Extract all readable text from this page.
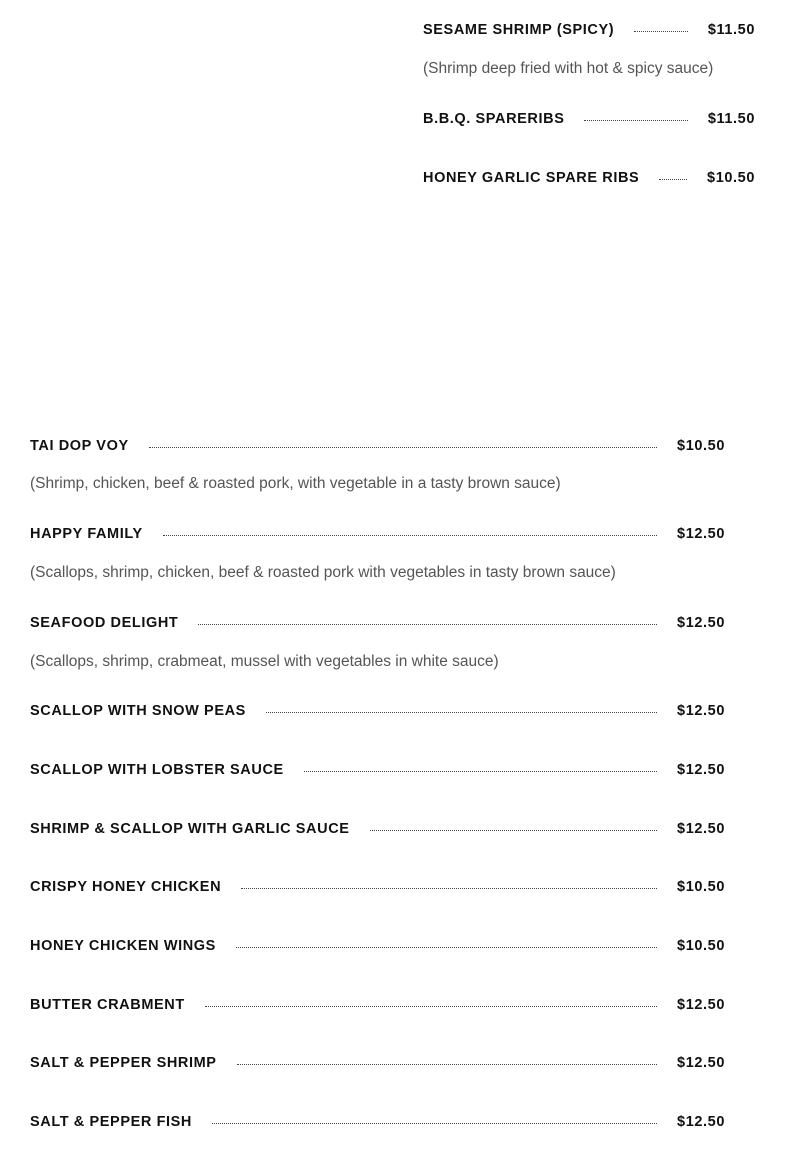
SESAME SHRIMP (SPICY)	$11.50
(Shrimp deep fried with hot & spicy sauce)
B.B.Q. SPARERIBS	$11.50
HONEY GARLIC SPARE RIBS	$10.50
TAI DOP VOY	$10.50
(Shrimp, chicken, beef & roasted pork, with vegetable in a tasty brown sauce)
HAPPY FAMILY	$12.50
(Scallops, shrimp, chicken, beef & roasted pork with vegetables in tasty brown sauce)
SEAFOOD DELIGHT	$12.50
(Scallops, shrimp, crabmeat, mussel with vegetables in white sauce)
SCALLOP WITH SNOW PEAS	$12.50
SCALLOP WITH LOBSTER SAUCE	$12.50
SHRIMP & SCALLOP WITH GARLIC SAUCE	$12.50
CRISPY HONEY CHICKEN	$10.50
HONEY CHICKEN WINGS	$10.50
BUTTER CRABMENT	$12.50
SALT & PEPPER SHRIMP	$12.50
SALT & PEPPER FISH	$12.50
